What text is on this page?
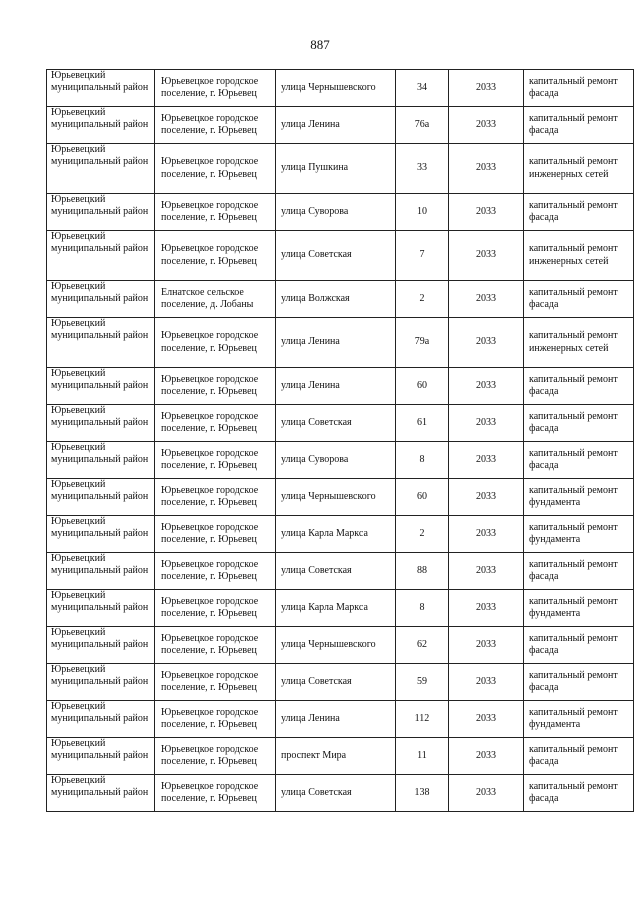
887
Юрьевецкий муниципальный район	Юрьевецкое городское поселение, г. Юрьевец	улица Чернышевского	34	2033	капитальный ремонт фасада
Юрьевецкий муниципальный район	Юрьевецкое городское поселение, г. Юрьевец	улица Ленина	76а	2033	капитальный ремонт фасада
Юрьевецкий муниципальный район	Юрьевецкое городское поселение, г. Юрьевец	улица Пушкина	33	2033	капитальный ремонт инженерных сетей
Юрьевецкий муниципальный район	Юрьевецкое городское поселение, г. Юрьевец	улица Суворова	10	2033	капитальный ремонт фасада
Юрьевецкий муниципальный район	Юрьевецкое городское поселение, г. Юрьевец	улица Советская	7	2033	капитальный ремонт инженерных сетей
Юрьевецкий муниципальный район	Елнатское сельское поселение, д. Лобаны	улица Волжская	2	2033	капитальный ремонт фасада
Юрьевецкий муниципальный район	Юрьевецкое городское поселение, г. Юрьевец	улица Ленина	79а	2033	капитальный ремонт инженерных сетей
Юрьевецкий муниципальный район	Юрьевецкое городское поселение, г. Юрьевец	улица Ленина	60	2033	капитальный ремонт фасада
Юрьевецкий муниципальный район	Юрьевецкое городское поселение, г. Юрьевец	улица Советская	61	2033	капитальный ремонт фасада
Юрьевецкий муниципальный район	Юрьевецкое городское поселение, г. Юрьевец	улица Суворова	8	2033	капитальный ремонт фасада
Юрьевецкий муниципальный район	Юрьевецкое городское поселение, г. Юрьевец	улица Чернышевского	60	2033	капитальный ремонт фундамента
Юрьевецкий муниципальный район	Юрьевецкое городское поселение, г. Юрьевец	улица Карла Маркса	2	2033	капитальный ремонт фундамента
Юрьевецкий муниципальный район	Юрьевецкое городское поселение, г. Юрьевец	улица Советская	88	2033	капитальный ремонт фасада
Юрьевецкий муниципальный район	Юрьевецкое городское поселение, г. Юрьевец	улица Карла Маркса	8	2033	капитальный ремонт фундамента
Юрьевецкий муниципальный район	Юрьевецкое городское поселение, г. Юрьевец	улица Чернышевского	62	2033	капитальный ремонт фасада
Юрьевецкий муниципальный район	Юрьевецкое городское поселение, г. Юрьевец	улица Советская	59	2033	капитальный ремонт фасада
Юрьевецкий муниципальный район	Юрьевецкое городское поселение, г. Юрьевец	улица Ленина	112	2033	капитальный ремонт фундамента
Юрьевецкий муниципальный район	Юрьевецкое городское поселение, г. Юрьевец	проспект Мира	11	2033	капитальный ремонт фасада
Юрьевецкий муниципальный район	Юрьевецкое городское поселение, г. Юрьевец	улица Советская	138	2033	капитальный ремонт фасада
